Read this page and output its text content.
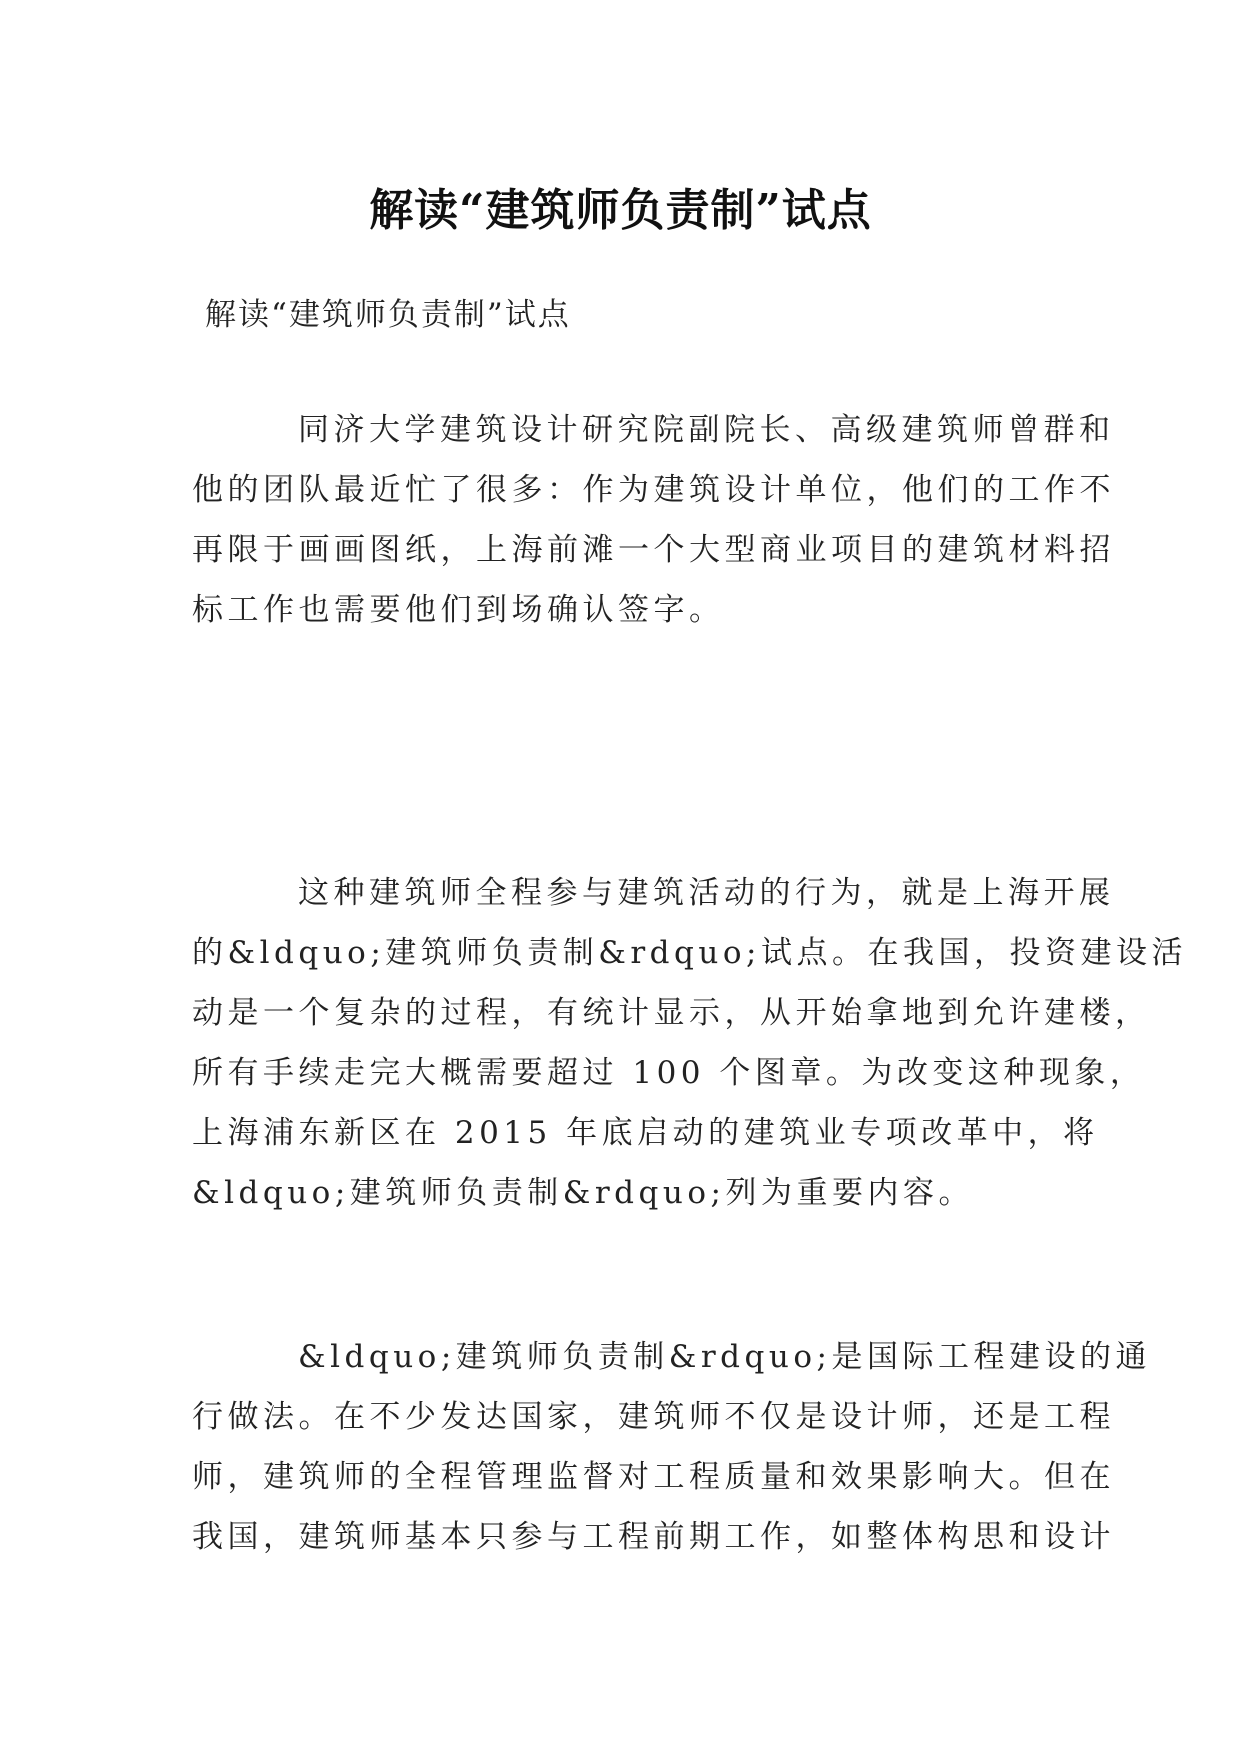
解读“建筑师负责制”试点
解读“建筑师负责制”试点

同济大学建筑设计研究院副院长、高级建筑师曾群和
他的团队最近忙了很多：作为建筑设计单位，他们的工作不
再限于画画图纸，上海前滩一个大型商业项目的建筑材料招
标工作也需要他们到场确认签字。

这种建筑师全程参与建筑活动的行为，就是上海开展
的&ldquo;建筑师负责制&rdquo;试点。在我国，投资建设活
动是一个复杂的过程，有统计显示，从开始拿地到允许建楼，
所有手续走完大概需要超过 100 个图章。为改变这种现象，
上海浦东新区在 2015 年底启动的建筑业专项改革中，将
&ldquo;建筑师负责制&rdquo;列为重要内容。

&ldquo;建筑师负责制&rdquo;是国际工程建设的通
行做法。在不少发达国家，建筑师不仅是设计师，还是工程
师，建筑师的全程管理监督对工程质量和效果影响大。但在
我国，建筑师基本只参与工程前期工作，如整体构思和设计
